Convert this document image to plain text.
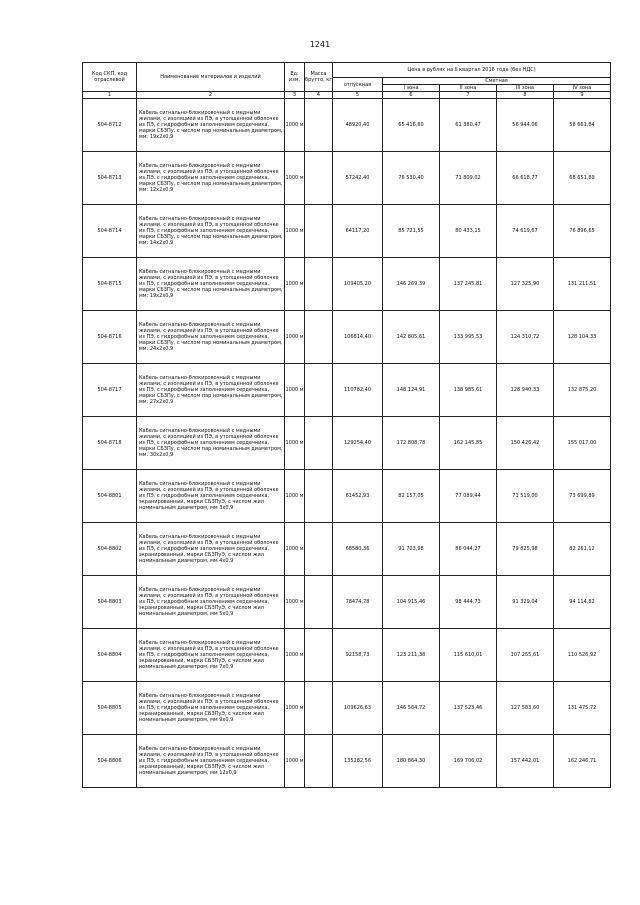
1241
Код СКП, код отраслевой	Наименование материалов и изделий	Ед. изм.	Масса брутто, кг	Цена в рублях на II квартал 2016 года (без НДС)				
				отпускная	Сметная			
					I зона	II зона	III зона	IV зона
1	2	3	4	5	6	7	8	9
504-8712	Кабель сигнально-блокировочный с медными жилами, с изоляцией из ПЭ, в утолщенной оболочке из ПЭ, с гидрофобным заполнением сердечника, марки СБЗПу, с числом пар номинальным диаметром, мм: 19х2х0,9	1000 м		48920,40	65 416,60	61 380,47	56 944,06	58 661,84
504-8713	Кабель сигнально-блокировочный с медными жилами, с изоляцией из ПЭ, в утолщенной оболочке из ПЭ, с гидрофобным заполнением сердечника, марки СБЗПу, с числом пар номинальным диаметром, мм: 12х2х0,9	1000 м		57242,40	76 530,40	71 809,02	66 618,77	68 651,89
504-8714	Кабель сигнально-блокировочный с медными жилами, с изоляцией из ПЭ, в утолщенной оболочке из ПЭ, с гидрофобным заполнением сердечника, марки СБЗПу, с числом пар номинальным диаметром, мм: 14х2х0,9	1000 м		64117,20	85 721,55	80 433,15	74 619,67	76 896,65
504-8715	Кабель сигнально-блокировочный с медными жилами, с изоляцией из ПЭ, в утолщенной оболочке из ПЭ, с гидрофобным заполнением сердечника, марки СБЗПу, с числом пар номинальным диаметром, мм: 19х2х0,9	1000 м		109405,20	146 269,39	137 245,81	127 325,90	131 211,51
504-8716	Кабель сигнально-блокировочный с медными жилами, с изоляцией из ПЭ, в утолщенной оболочке из ПЭ, с гидрофобным заполнением сердечника, марки СБЗПу, с числом пар номинальным диаметром, мм: 24х2х0,9	1000 м		106814,40	142 805,61	133 995,53	124 310,72	128 104,33
504-8717	Кабель сигнально-блокировочный с медными жилами, с изоляцией из ПЭ, в утолщенной оболочке из ПЭ, с гидрофобным заполнением сердечника, марки СБЗПу, с числом пар номинальным диаметром, мм: 27х2х0,9	1000 м		110782,40	148 124,91	138 985,61	128 940,33	132 875,20
504-8718	Кабель сигнально-блокировочный с медными жилами, с изоляцией из ПЭ, в утолщенной оболочке из ПЭ, с гидрофобным заполнением сердечника, марки СБЗПу, с числом пар номинальным диаметром, мм: 30х2х0,9	1000 м		129254,40	172 808,78	162 145,85	150 426,42	155 017,00
504-8801	Кабель сигнально-блокировочный с медными жилами, с изоляцией из ПЭ, в утолщенной оболочке из ПЭ, с гидрофобным заполнением сердечника, экранированный, марки СБЗПуЭ, с числом жил номинальным диаметром, мм 3х0,9	1000 м		61452,93	82 157,05	77 089,44	71 519,00	73 699,89
504-8802	Кабель сигнально-блокировочный с медными жилами, с изоляцией из ПЭ, в утолщенной оболочке из ПЭ, с гидрофобным заполнением сердечника, экранированный, марки СБЗПуЭ, с числом жил номинальным диаметром, мм 4х0,9	1000 м		68580,36	91 703,98	86 044,27	79 825,98	82 261,12
504-8803	Кабель сигнально-блокировочный с медными жилами, с изоляцией из ПЭ, в утолщенной оболочке из ПЭ, с гидрофобным заполнением сердечника, экранированный, марки СБЗПуЭ, с числом жил номинальным диаметром, мм 5х0,9	1000 м		78474,78	104 915,46	98 444,73	91 329,04	94 114,82
504-8804	Кабель сигнально-блокировочный с медными жилами, с изоляцией из ПЭ, в утолщенной оболочке из ПЭ, с гидрофобным заполнением сердечника, экранированный, марки СБЗПуЭ, с числом жил номинальным диаметром, мм 7х0,9	1000 м		92158,73	123 211,38	115 610,01	107 255,61	110 526,92
504-8805	Кабель сигнально-блокировочный с медными жилами, с изоляцией из ПЭ, в утолщенной оболочке из ПЭ, с гидрофобным заполнением сердечника, экранированный, марки СБЗПуЭ, с числом жил номинальным диаметром, мм 9х0,9	1000 м		109626,63	146 564,72	137 523,46	127 583,60	131 475,72
504-8806	Кабель сигнально-блокировочный с медными жилами, с изоляцией из ПЭ, в утолщенной оболочке из ПЭ, с гидрофобным заполнением сердечника, экранированный, марки СБЗПуЭ, с числом жил номинальным диаметром, мм 12х0,9	1000 м		135282,56	180 864,30	169 706,02	157 442,01	162 246,71
